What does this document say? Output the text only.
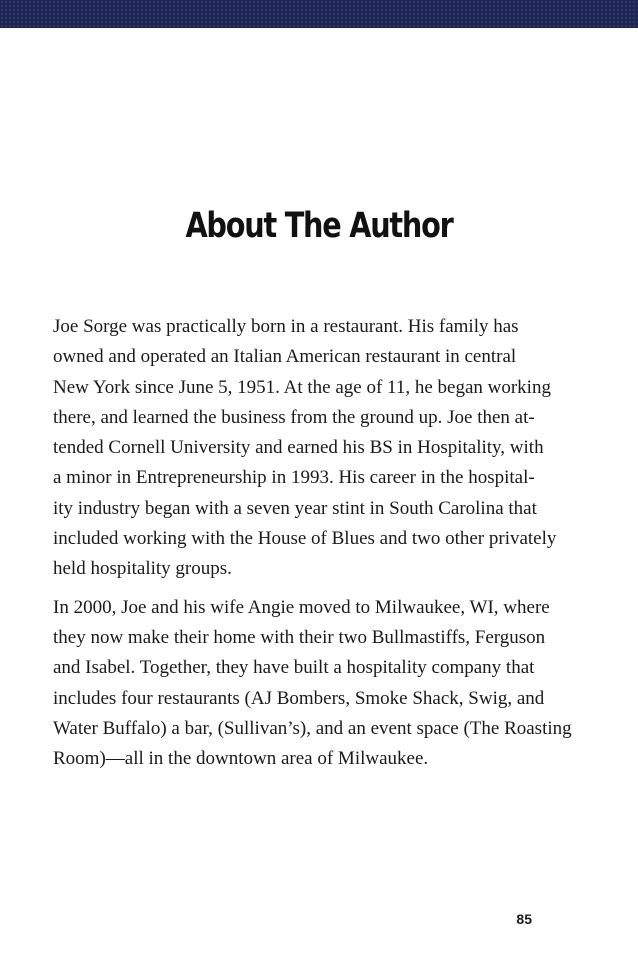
About The Author

Joe Sorge was practically born in a restaurant. His family has
owned and operated an Italian American restaurant in central
New York since June 5, 1951. At the age of 11, he began working
there, and learned the business from the ground up. Joe then at-
tended Cornell University and earned his BS in Hospitality, with
a minor in Entrepreneurship in 1993. His career in the hospital-
ity industry began with a seven year stint in South Carolina that
included working with the House of Blues and two other privately
held hospitality groups.

In 2000, Joe and his wife Angie moved to Milwaukee, WI, where
they now make their home with their two Bullmastiffs, Ferguson
and Isabel. Together, they have built a hospitality company that
includes four restaurants (AJ Bombers, Smoke Shack, Swig, and
Water Buffalo) a bar, (Sullivan’s), and an event space (The Roasting
Room)—all in the downtown area of Milwaukee.

85
